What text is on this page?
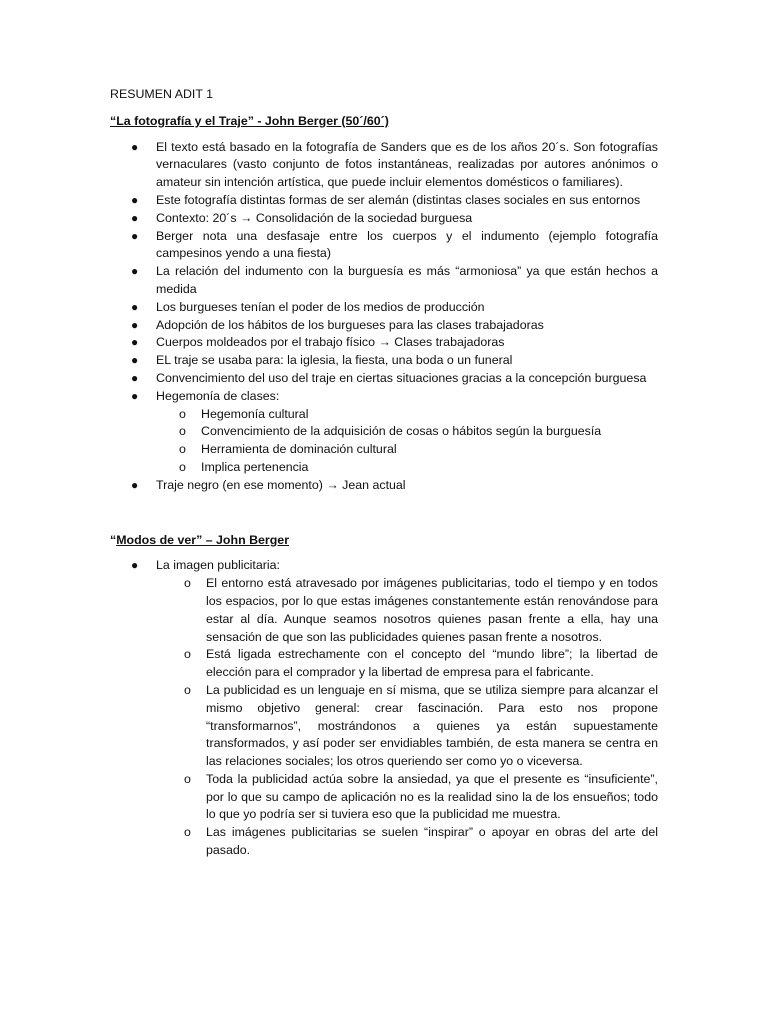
RESUMEN ADIT 1
“La fotografía y el Traje” - John Berger (50´/60´)
● El texto está basado en la fotografía de Sanders que es de los años 20´s. Son fotografías vernaculares (vasto conjunto de fotos instantáneas, realizadas por autores anónimos o amateur sin intención artística, que puede incluir elementos domésticos o familiares).
● Este fotografía distintas formas de ser alemán (distintas clases sociales en sus entornos
● Contexto: 20´s → Consolidación de la sociedad burguesa
● Berger nota una desfasaje entre los cuerpos y el indumento (ejemplo fotografía campesinos yendo a una fiesta)
● La relación del indumento con la burguesía es más “armoniosa” ya que están hechos a medida
● Los burgueses tenían el poder de los medios de producción
● Adopción de los hábitos de los burgueses para las clases trabajadoras
● Cuerpos moldeados por el trabajo físico → Clases trabajadoras
● EL traje se usaba para: la iglesia, la fiesta, una boda o un funeral
● Convencimiento del uso del traje en ciertas situaciones gracias a la concepción burguesa
● Hegemonía de clases:
o Hegemonía cultural
o Convencimiento de la adquisición de cosas o hábitos según la burguesía
o Herramienta de dominación cultural
o Implica pertenencia
● Traje negro (en ese momento) → Jean actual
“Modos de ver” – John Berger
● La imagen publicitaria:
o El entorno está atravesado por imágenes publicitarias, todo el tiempo y en todos los espacios, por lo que estas imágenes constantemente están renovándose para estar al día. Aunque seamos nosotros quienes pasan frente a ella, hay una sensación de que son las publicidades quienes pasan frente a nosotros.
o Está ligada estrechamente con el concepto del “mundo libre”; la libertad de elección para el comprador y la libertad de empresa para el fabricante.
o La publicidad es un lenguaje en sí misma, que se utiliza siempre para alcanzar el mismo objetivo general: crear fascinación. Para esto nos propone “transformarnos”, mostrándonos a quienes ya están supuestamente transformados, y así poder ser envidiables también, de esta manera se centra en las relaciones sociales; los otros queriendo ser como yo o viceversa.
o Toda la publicidad actúa sobre la ansiedad, ya que el presente es “insuficiente”, por lo que su campo de aplicación no es la realidad sino la de los ensueños; todo lo que yo podría ser si tuviera eso que la publicidad me muestra.
o Las imágenes publicitarias se suelen “inspirar” o apoyar en obras del arte del pasado.
